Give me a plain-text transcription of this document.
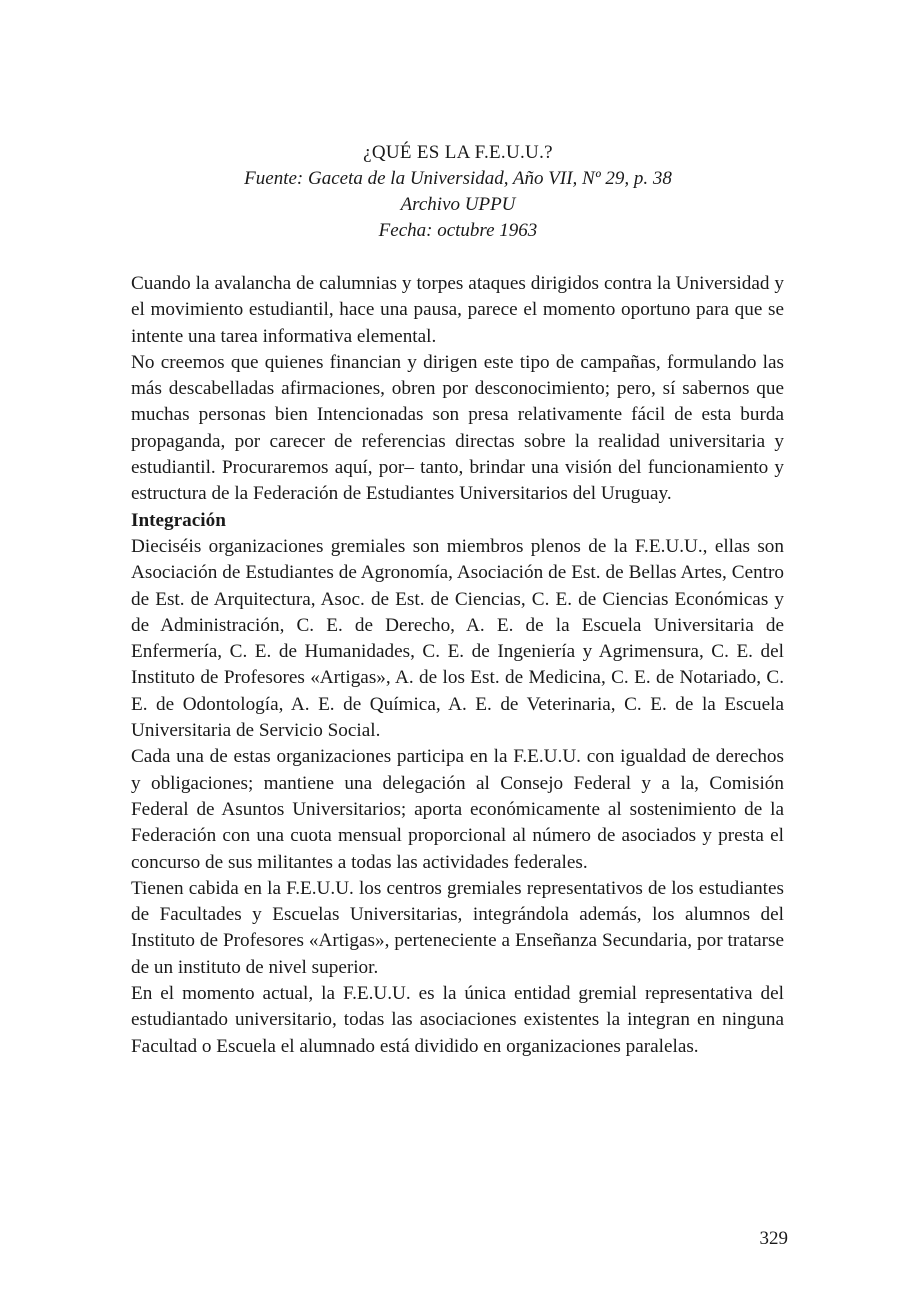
¿QUÉ ES LA F.E.U.U.?
Fuente: Gaceta de la Universidad, Año VII, Nº 29, p. 38
Archivo UPPU
Fecha: octubre 1963

Cuando la avalancha de calumnias y torpes ataques dirigidos contra la Universidad y el movimiento estudiantil, hace una pausa, parece el momento oportuno para que se intente una tarea informativa elemental.

No creemos que quienes financian y dirigen este tipo de campañas, formulando las más descabelladas afirmaciones, obren por desconocimiento; pero, sí sabernos que muchas personas bien Intencionadas son presa relativamente fácil de esta burda propaganda, por carecer de referencias directas sobre la realidad universitaria y estudiantil. Procuraremos aquí, por– tanto, brindar una visión del funcionamiento y estructura de la Federación de Estudiantes Universitarios del Uruguay.

Integración

Dieciséis organizaciones gremiales son miembros plenos de la F.E.U.U., ellas son Asociación de Estudiantes de Agronomía, Asociación de Est. de Bellas Artes, Centro de Est. de Arquitectura, Asoc. de Est. de Ciencias, C. E. de Ciencias Económicas y de Administración, C. E. de Derecho, A. E. de la Escuela Universitaria de Enfermería, C. E. de Humanidades, C. E. de Ingeniería y Agrimensura, C. E. del Instituto de Profesores «Artigas», A. de los Est. de Medicina, C. E. de Notariado, C. E. de Odontología, A. E. de Química, A. E. de Veterinaria, C. E. de la Escuela Universitaria de Servicio Social.

Cada una de estas organizaciones participa en la F.E.U.U. con igualdad de derechos y obligaciones; mantiene una delegación al Consejo Federal y a la, Comisión Federal de Asuntos Universitarios; aporta económicamente al sostenimiento de la Federación con una cuota mensual proporcional al número de asociados y presta el concurso de sus militantes a todas las actividades federales.

Tienen cabida en la F.E.U.U. los centros gremiales representativos de los estudiantes de Facultades y Escuelas Universitarias, integrándola además, los alumnos del Instituto de Profesores «Artigas», perteneciente a Enseñanza Secundaria, por tratarse de un instituto de nivel superior.

En el momento actual, la F.E.U.U. es la única entidad gremial representativa del estudiantado universitario, todas las asociaciones existentes la integran en ninguna Facultad o Escuela el alumnado está dividido en organizaciones paralelas.

329
